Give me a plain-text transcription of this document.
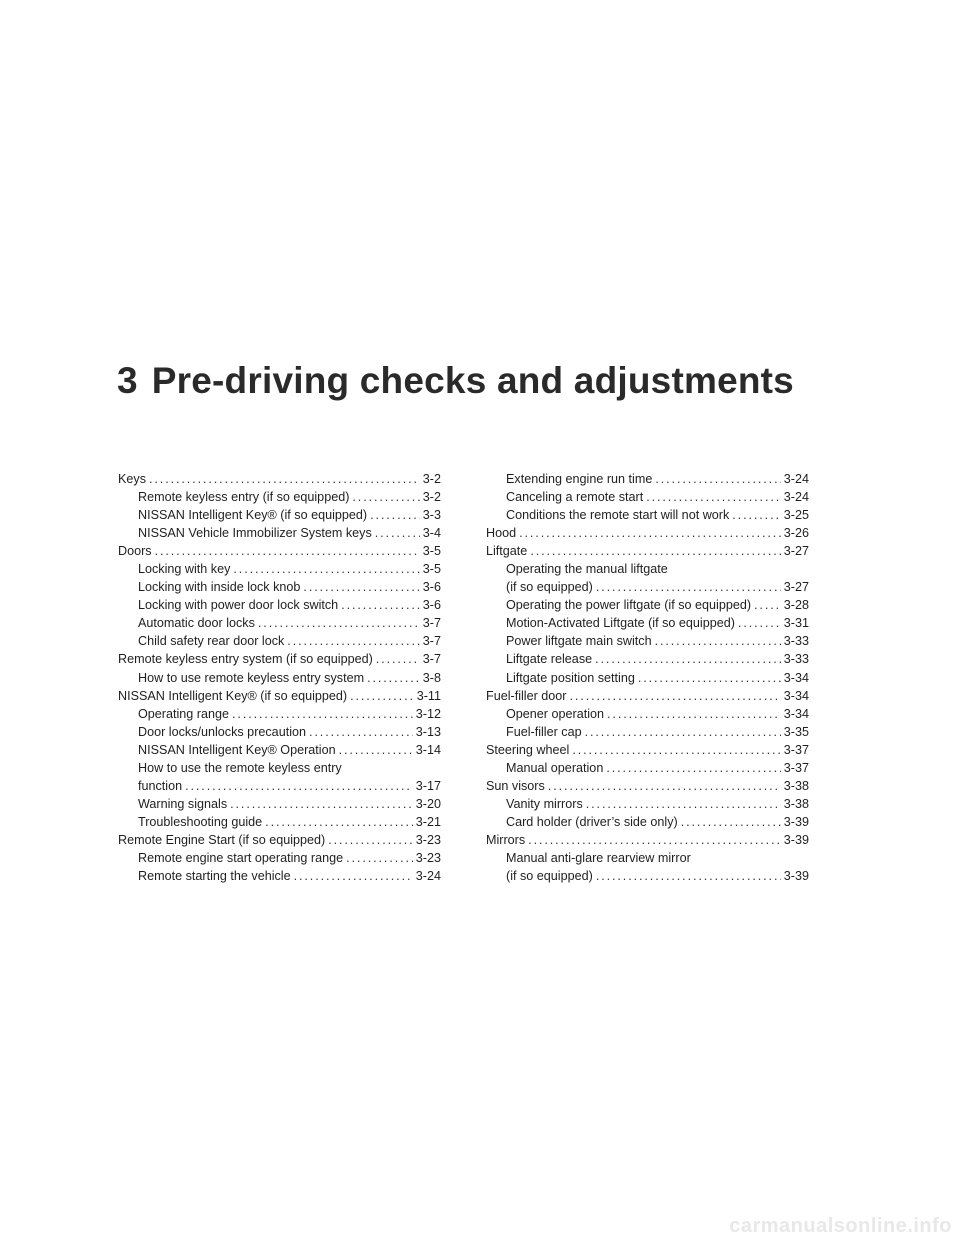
3 Pre-driving checks and adjustments
Keys . . .	3-2
Remote keyless entry (if so equipped) . . .	3-2
NISSAN Intelligent Key® (if so equipped) . . .	3-3
NISSAN Vehicle Immobilizer System keys . . .	3-4
Doors . . .	3-5
Locking with key . . .	3-5
Locking with inside lock knob . . .	3-6
Locking with power door lock switch . . .	3-6
Automatic door locks . . .	3-7
Child safety rear door lock . . .	3-7
Remote keyless entry system (if so equipped) . . .	3-7
How to use remote keyless entry system . . .	3-8
NISSAN Intelligent Key® (if so equipped) . . .	3-11
Operating range . . .	3-12
Door locks/unlocks precaution . . .	3-13
NISSAN Intelligent Key® Operation . . .	3-14
How to use the remote keyless entry
function . . .	3-17
Warning signals . . .	3-20
Troubleshooting guide . . .	3-21
Remote Engine Start (if so equipped) . . .	3-23
Remote engine start operating range . . .	3-23
Remote starting the vehicle . . .	3-24
Extending engine run time . . .	3-24
Canceling a remote start . . .	3-24
Conditions the remote start will not work . . .	3-25
Hood . . .	3-26
Liftgate . . .	3-27
Operating the manual liftgate
(if so equipped) . . .	3-27
Operating the power liftgate (if so equipped) . . .	3-28
Motion-Activated Liftgate (if so equipped) . . .	3-31
Power liftgate main switch . . .	3-33
Liftgate release . . .	3-33
Liftgate position setting . . .	3-34
Fuel-filler door . . .	3-34
Opener operation . . .	3-34
Fuel-filler cap . . .	3-35
Steering wheel . . .	3-37
Manual operation . . .	3-37
Sun visors . . .	3-38
Vanity mirrors . . .	3-38
Card holder (driver’s side only) . . .	3-39
Mirrors . . .	3-39
Manual anti-glare rearview mirror
(if so equipped) . . .	3-39
carmanualsonline.info
